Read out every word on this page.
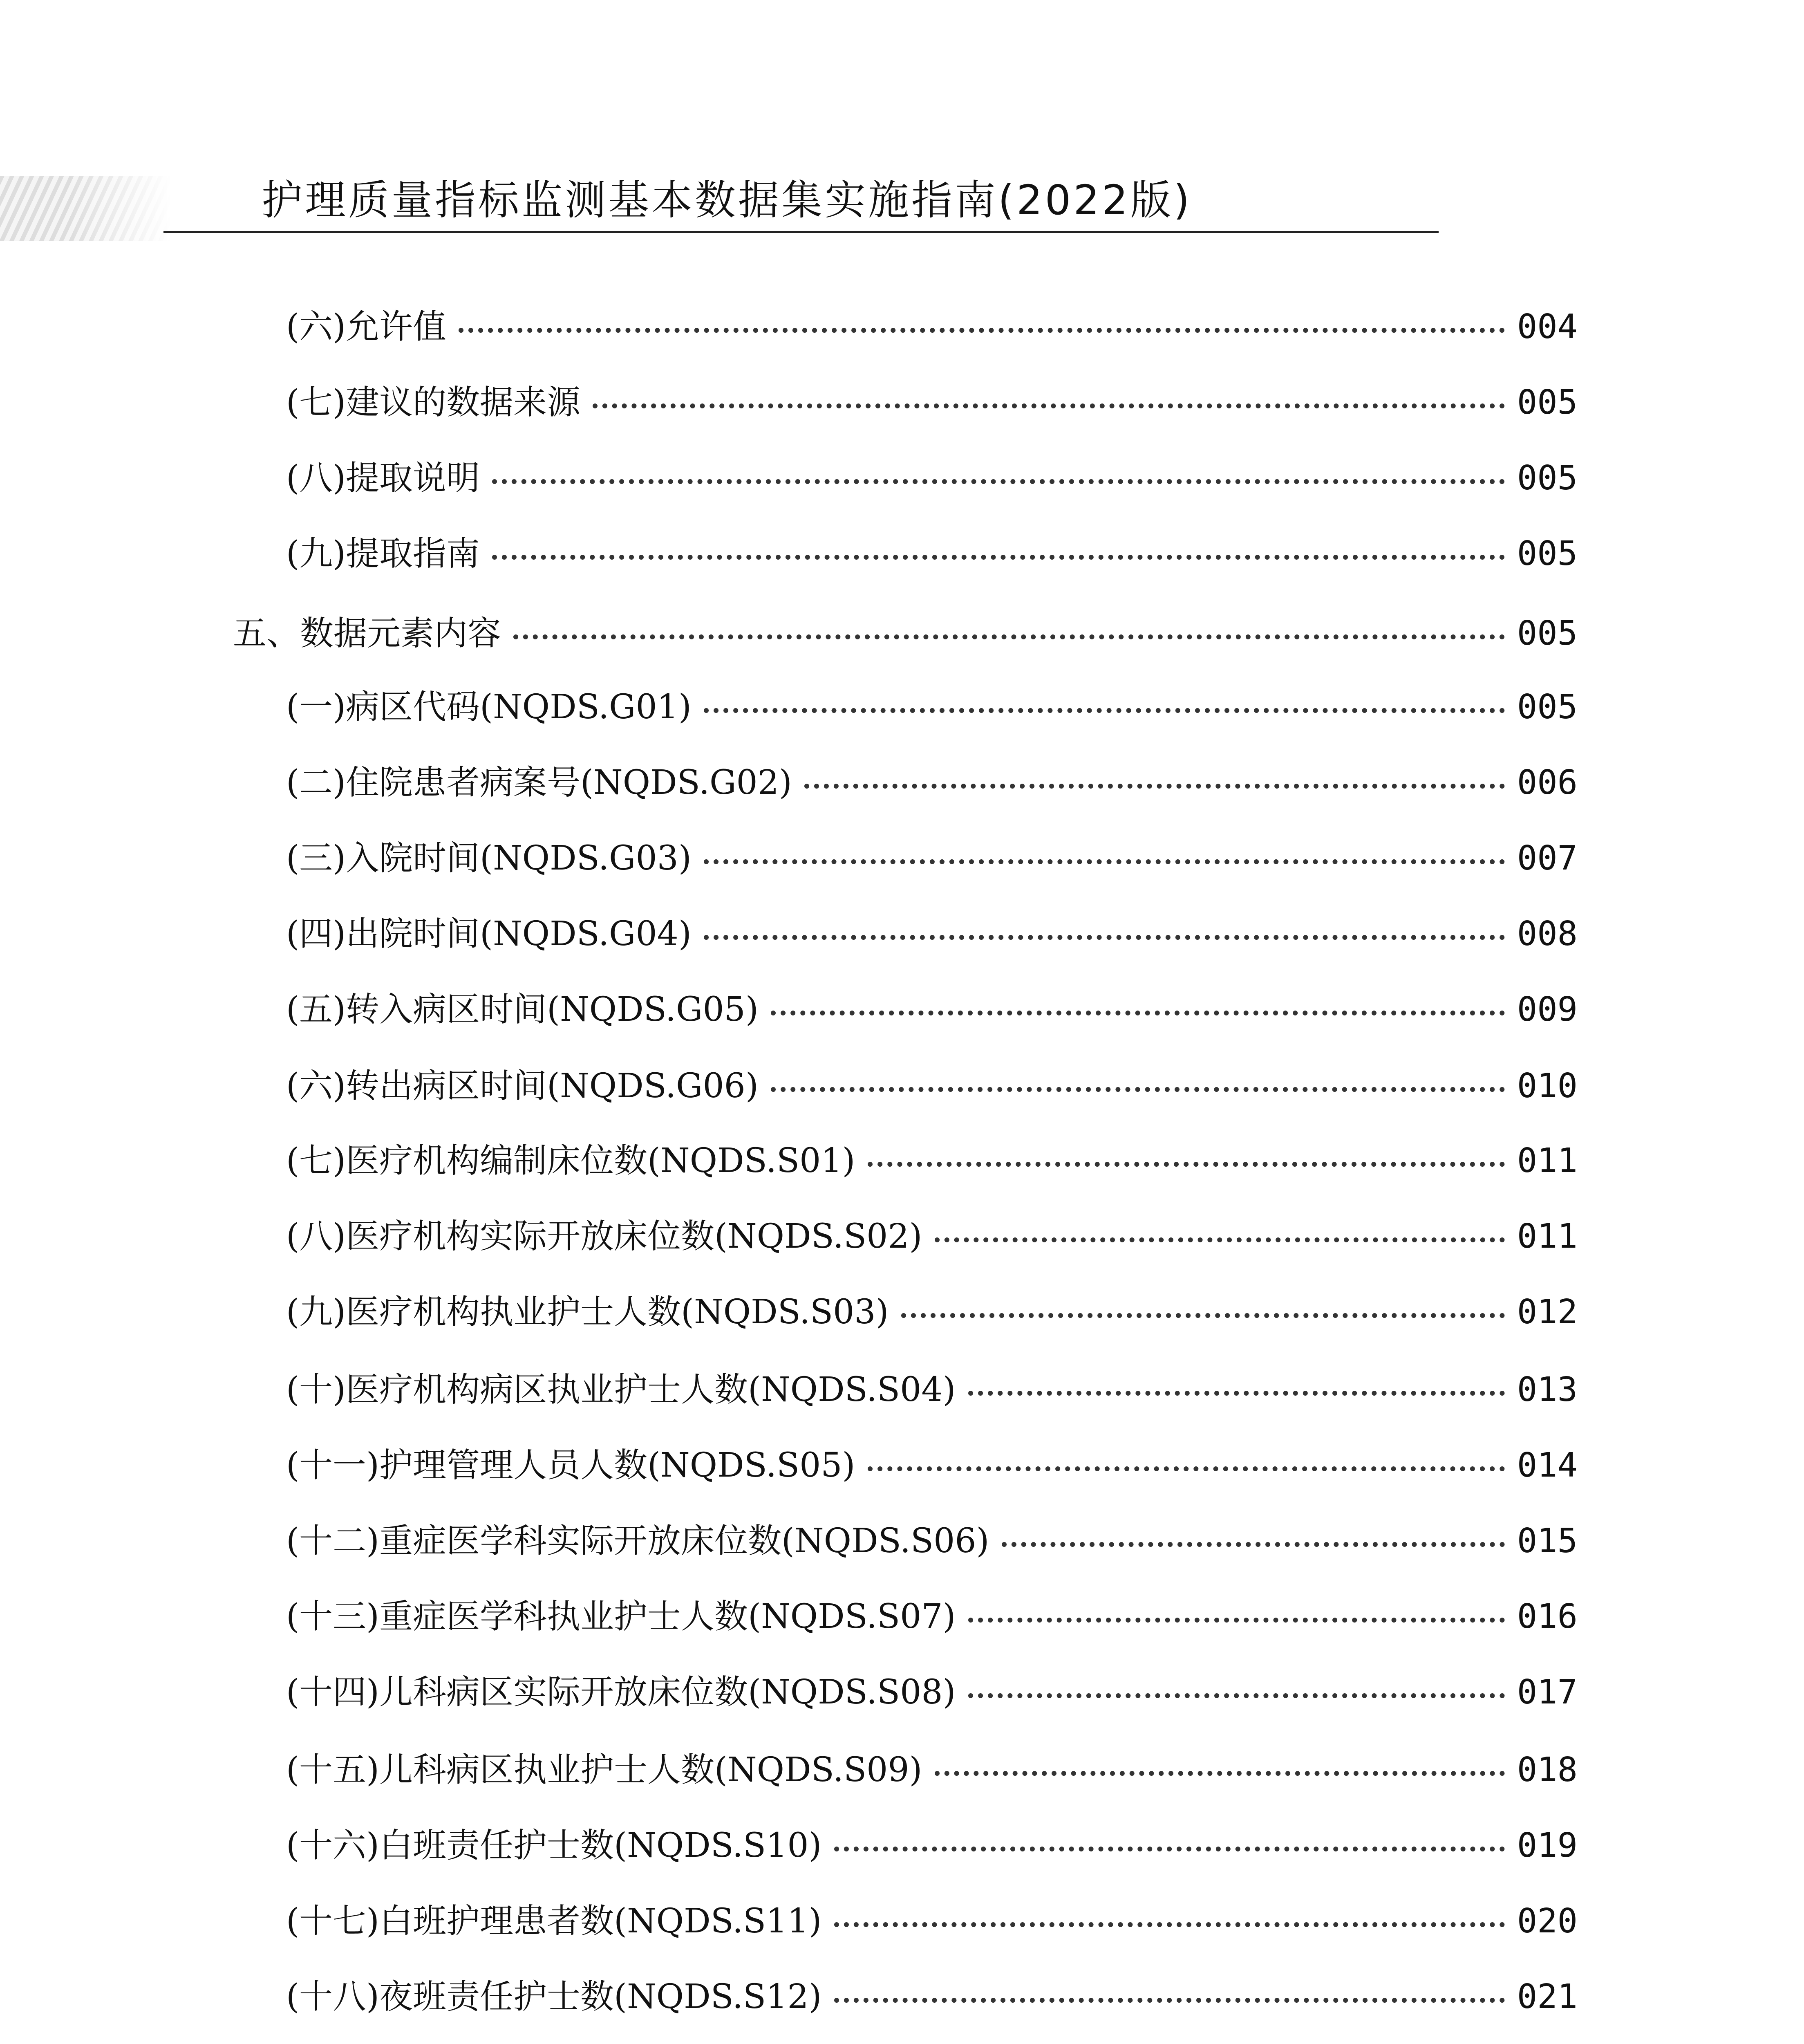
护理质量指标监测基本数据集实施指南(2022版)
(六)允许值	004
(七)建议的数据来源	005
(八)提取说明	005
(九)提取指南	005
五、数据元素内容	005
(一)病区代码(NQDS.G01)	005
(二)住院患者病案号(NQDS.G02)	006
(三)入院时间(NQDS.G03)	007
(四)出院时间(NQDS.G04)	008
(五)转入病区时间(NQDS.G05)	009
(六)转出病区时间(NQDS.G06)	010
(七)医疗机构编制床位数(NQDS.S01)	011
(八)医疗机构实际开放床位数(NQDS.S02)	011
(九)医疗机构执业护士人数(NQDS.S03)	012
(十)医疗机构病区执业护士人数(NQDS.S04)	013
(十一)护理管理人员人数(NQDS.S05)	014
(十二)重症医学科实际开放床位数(NQDS.S06)	015
(十三)重症医学科执业护士人数(NQDS.S07)	016
(十四)儿科病区实际开放床位数(NQDS.S08)	017
(十五)儿科病区执业护士人数(NQDS.S09)	018
(十六)白班责任护士数(NQDS.S10)	019
(十七)白班护理患者数(NQDS.S11)	020
(十八)夜班责任护士数(NQDS.S12)	021
